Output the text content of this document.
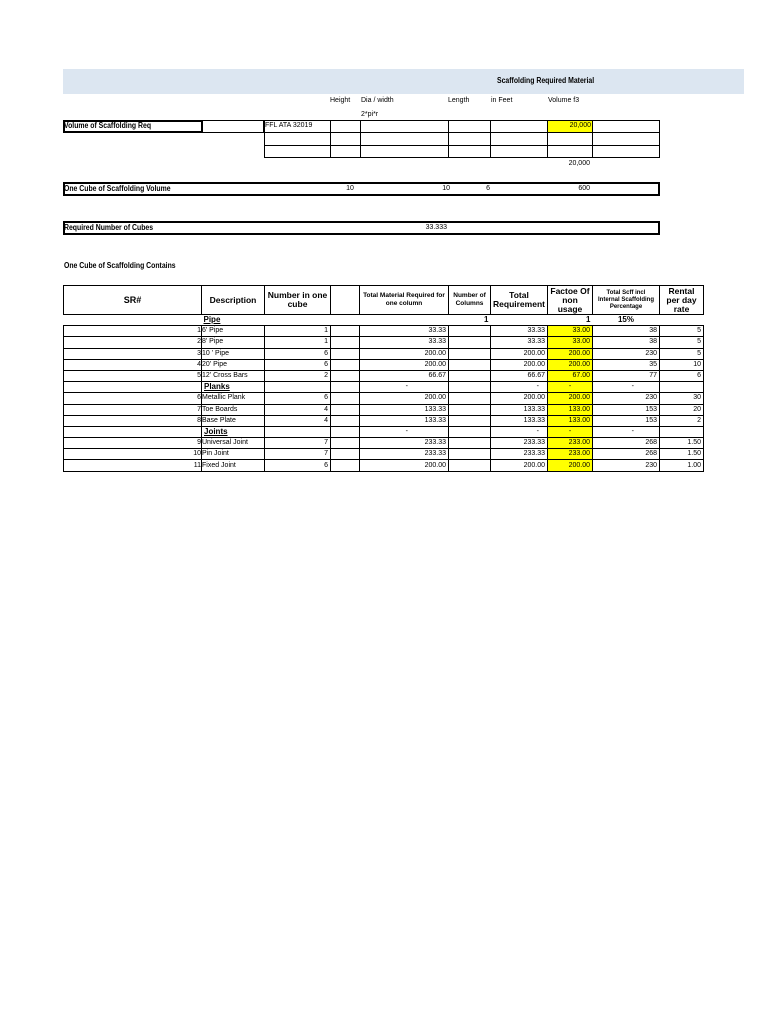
Scaffolding Required Material
Height Dia / width
2*pi*r
Length	in Feet	Volume f3
Volume of Scaffolding Req	FFL ATA 32019	20,000
20,000
One Cube of Scaffolding Volume	10	10	6	600
Required Number of Cubes	33.333
One Cube of Scaffolding Contains
SR#	Description	Number in one cube		Total Material Required for one column	Number of Columns	Total Requirement	Factoe Of non usage	Total Scff incl Internal Scaffolding Percentage	Rental per day rate
	Pipe				1		1	15%	
1	6' Pipe	1		33.33		33.33	33.00	38	5
2	8' Pipe	1		33.33		33.33	33.00	38	5
3	10 ' Pipe	6		200.00		200.00	200.00	230	5
4	20' Pipe	6		200.00		200.00	200.00	35	10
5	12' Cross Bars	2		66.67		66.67	67.00	77	6
	Planks			-		-	-	-	
6	Metallic Plank	6		200.00		200.00	200.00	230	30
7	Toe Boards	4		133.33		133.33	133.00	153	20
8	Base Plate	4		133.33		133.33	133.00	153	2
	Joints			-		-	-	-	
9	Universal Joint	7		233.33		233.33	233.00	268	1.50
10	Pin Joint	7		233.33		233.33	233.00	268	1.50
11	Fixed Joint	6		200.00		200.00	200.00	230	1.00
